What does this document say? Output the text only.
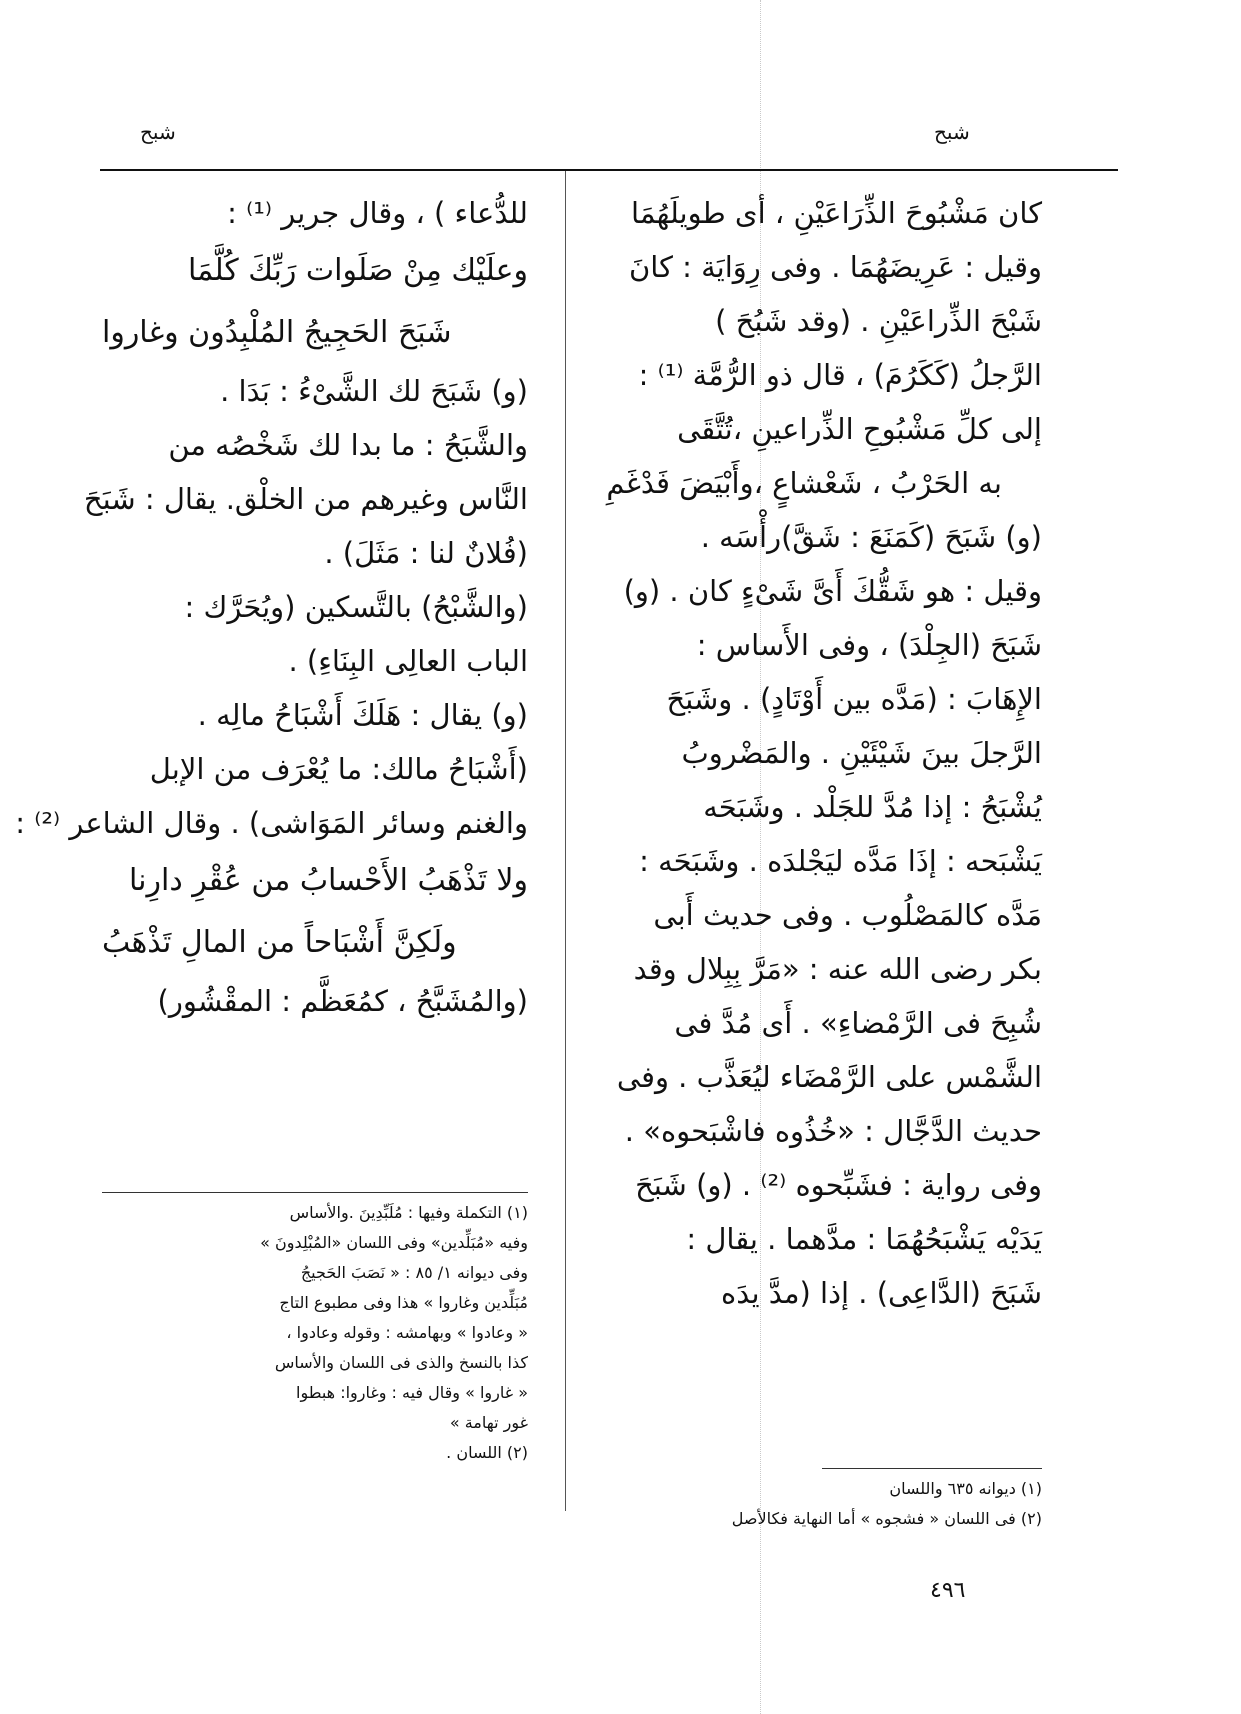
شبح
شبح
كان مَشْبُوحَ الذِّرَاعَيْنِ ، أى طويلَهُمَا
وقيل : عَرِيضَهُمَا . وفى رِوَايَة : كانَ
شَبْحَ الذِّراعَيْنِ . (وقد شَبُحَ )
الرَّجلُ (كَكَرُمَ) ، قال ذو الرُّمَّة ⁽¹⁾ :
إلى كلِّ مَشْبُوحِ الذِّراعينِ ،تُتَّقَى
به الحَرْبُ ، شَعْشاعٍ ،وأَبْيَضَ فَدْغَمِ
(و) شَبَحَ (كَمَنَعَ : شَقَّ)رأْسَه .
وقيل : هو شَقُّكَ أَىَّ شَىْءٍ كان . (و)
شَبَحَ (الجِلْدَ) ، وفى الأَساس :
الإِهَابَ : (مَدَّه بين أَوْتَادٍ) . وشَبَحَ
الرَّجلَ بينَ شَيْئَيْنِ . والمَضْروبُ
يُشْبَحُ : إذا مُدَّ للجَلْد . وشَبَحَه
يَشْبَحه : إذَا مَدَّه ليَجْلدَه . وشَبَحَه :
مَدَّه كالمَصْلُوب . وفى حديث أَبى
بكر رضى الله عنه : «مَرَّ بِبِلال وقد
شُبِحَ فى الرَّمْضاءِ» . أَى مُدَّ فى
الشَّمْس على الرَّمْضَاء ليُعَذَّب . وفى
حديث الدَّجَّال : «خُذُوه فاشْبَحوه» .
وفى رواية : فشَبِّحوه ⁽²⁾ . (و) شَبَحَ
يَدَيْه يَشْبَحُهُمَا : مدَّهما . يقال :
شَبَحَ (الدَّاعِى) . إذا (مدَّ يدَه
للدُّعاء ) ، وقال جرير ⁽¹⁾ :
وعلَيْك مِنْ صَلَوات رَبِّكَ كُلَّمَا
شَبَحَ الحَجِيجُ المُلْبِدُون وغاروا
(و) شَبَحَ لك الشَّىْءُ : بَدَا .
والشَّبَحُ : ما بدا لك شَخْصُه من
النَّاس وغيرهم من الخلْق. يقال : شَبَحَ
(فُلانٌ لنا : مَثَلَ) .
(والشَّبْحُ) بالتَّسكين (ويُحَرَّك :
الباب العالِى البِنَاءِ) .
(و) يقال : هَلَكَ أَشْبَاحُ مالِه .
(أَشْبَاحُ مالك: ما يُعْرَف من الإبل
والغنم وسائر المَوَاشى) . وقال الشاعر ⁽²⁾ :
ولا تَذْهَبُ الأَحْسابُ من عُقْرِ دارِنا
ولَكِنَّ أَشْبَاحاً من المالِ تَذْهَبُ
(والمُشَبَّحُ ، كمُعَظَّم : المقْشُور)
(١) التكملة وفيها : مُلَبِّدِينَ .والأساس
وفيه «مُبَلِّدين» وفى اللسان «المُبْلِدونَ »
وفى ديوانه ١/ ٨٥ : « نَصَبَ الحَجيجُ
مُبَلِّدين وغاروا » هذا وفى مطبوع التاج
« وعادوا » وبهامشه : وقوله وعادوا ،
كذا بالنسخ والذى فى اللسان والأساس
« غاروا » وقال فيه : وغاروا: هبطوا
غور تهامة »
(٢) اللسان .
(١) ديوانه ٦٣٥ واللسان
(٢) فى اللسان « فشجوه » أما النهاية فكالأصل
٤٩٦
